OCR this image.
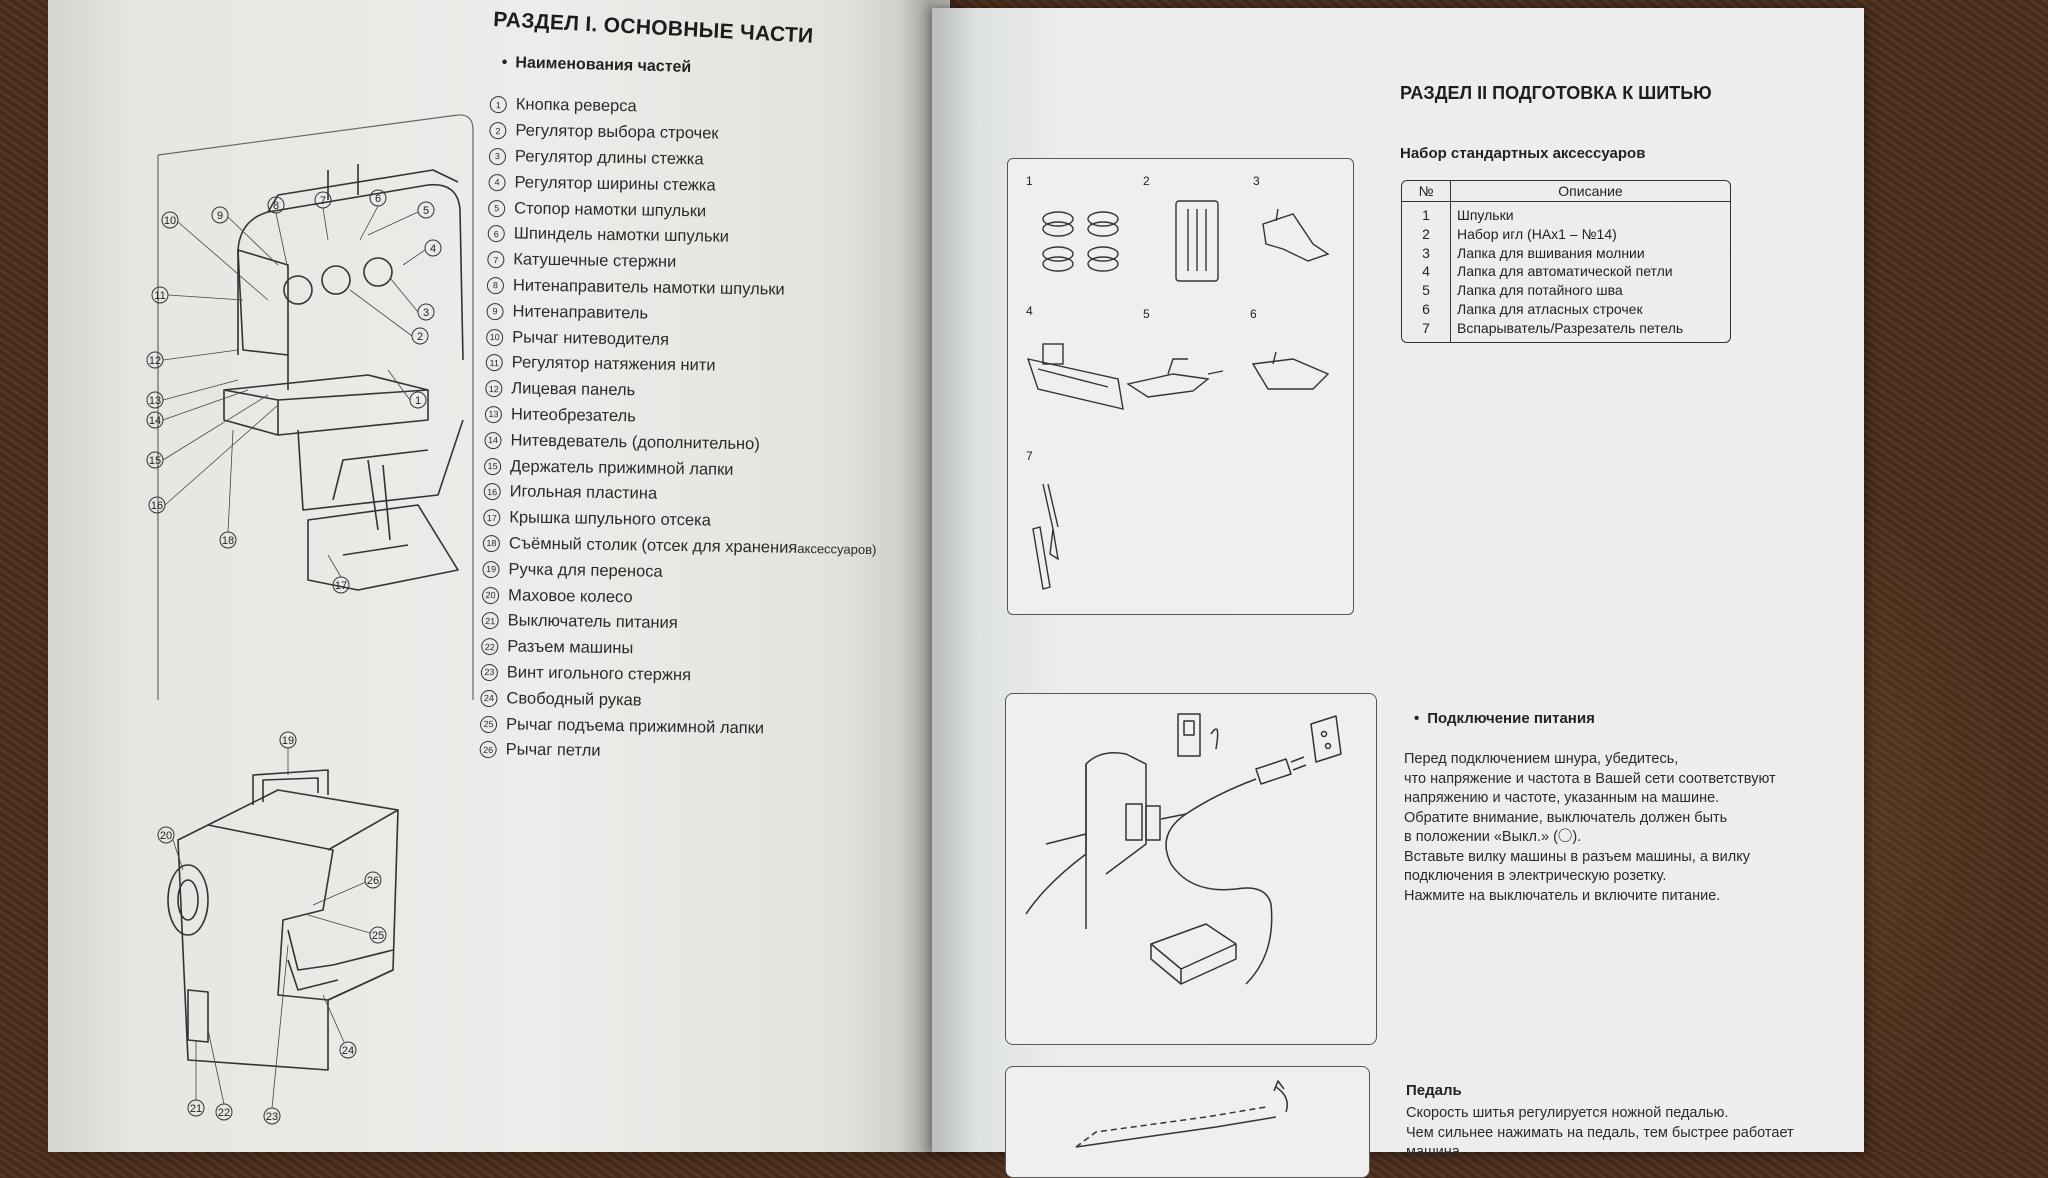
РАЗДЕЛ I. ОСНОВНЫЕ ЧАСТИ
• Наименования частей
1 Кнопка реверса
2 Регулятор выбора строчек
3 Регулятор длины стежка
4 Регулятор ширины стежка
5 Стопор намотки шпульки
6 Шпиндель намотки шпульки
7 Катушечные стержни
8 Нитенаправитель намотки шпульки
9 Нитенаправитель
10 Рычаг нитеводителя
11 Регулятор натяжения нити
12 Лицевая панель
13 Нитеобрезатель
14 Нитевдеватель (дополнительно)
15 Держатель прижимной лапки
16 Игольная пластина
17 Крышка шпульного отсека
18 Съёмный столик (отсек для хранения аксессуаров)
19 Ручка для переноса
20 Маховое колесо
21 Выключатель питания
22 Разъем машины
23 Винт игольного стержня
24 Свободный рукав
25 Рычаг подъема прижимной лапки
26 Рычаг петли
10	9
8	7	6
5
4
3
2
1
11
12
13
14
15
16
17
18
19
20
21 22	23
24
25
26
РАЗДЕЛ II ПОДГОТОВКА К ШИТЬЮ
Набор стандартных аксессуаров
№	Описание
1	Шпульки
2	Набор игл (HAx1 – №14)
3	Лапка для вшивания молнии
4	Лапка для автоматической петли
5	Лапка для потайного шва
6	Лапка для атласных строчек
7	Вспарыватель/Разрезатель петель
1	2	3
4	5	6
7
• Подключение питания
Перед подключением шнура, убедитесь,
что напряжение и частота в Вашей сети соответствуют
напряжению и частоте, указанным на машине.
Обратите внимание, выключатель должен быть
в положении «Выкл.» (〇).
Вставьте вилку машины в разъем машины, а вилку
подключения в электрическую розетку.
Нажмите на выключатель и включите питание.
Педаль
Скорость шитья регулируется ножной педалью.
Чем сильнее нажимать на педаль, тем быстрее работает
машина.
